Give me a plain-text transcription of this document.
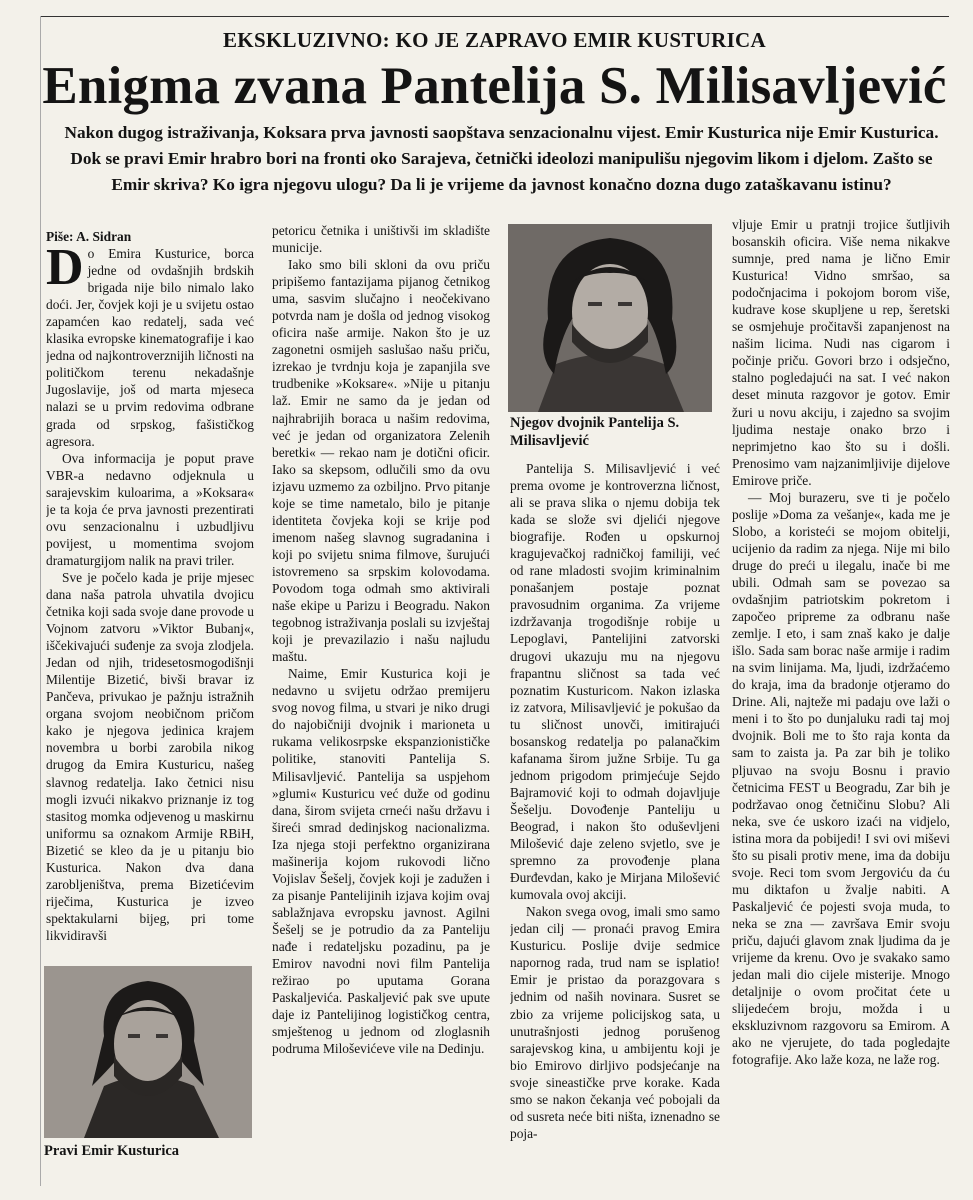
EKSKLUZIVNO: KO JE ZAPRAVO EMIR KUSTURICA
Enigma zvana Pantelija S. Milisavljević
Nakon dugog istraživanja, Koksara prva javnosti saopštava senzacionalnu vijest. Emir Kusturica nije Emir Kusturica. Dok se pravi Emir hrabro bori na fronti oko Sarajeva, četnički ideolozi manipulišu njegovim likom i djelom. Zašto se Emir skriva? Ko igra njegovu ulogu? Da li je vrijeme da javnost konačno dozna dugo zataškavanu istinu?

Piše: A. Sidran

Do Emira Kusturice, borca jedne od ovdašnjih brdskih brigada nije bilo nimalo lako doći. Jer, čovjek koji je u svijetu ostao zapamćen kao redatelj, sada već klasika evropske kinematografije i kao jedna od najkontroverznijih ličnosti na političkom terenu nekadašnje Jugoslavije, još od marta mjeseca nalazi se u prvim redovima odbrane grada od srpskog, fašističkog agresora.

Ova informacija je poput prave VBR-a nedavno odjeknula u sarajevskim kuloarima, a »Koksara« je ta koja će prva javnosti prezentirati ovu senzacionalnu i uzbudljivu povijest, u momentima svojom dramaturgijom nalik na pravi triler.

Sve je počelo kada je prije mjesec dana naša patrola uhvatila dvojicu četnika koji sada svoje dane provode u Vojnom zatvoru »Viktor Bubanj«, iščekivajući suđenje za svoja zlodjela. Jedan od njih, tridesetosmogodišnji Milentije Bizetić, bivši bravar iz Pančeva, privukao je pažnju istražnih organa svojom neobičnom pričom kako je njegova jedinica krajem novembra u borbi zarobila nikog drugog da Emira Kusturicu, našeg slavnog redatelja. Iako četnici nisu mogli izvući nikakvo priznanje iz tog stasitog momka odjevenog u maskirnu uniformu sa oznakom Armije RBiH, Bizetić se kleo da je u pitanju bio Kusturica. Nakon dva dana zarobljeništva, prema Bizetićevim riječima, Kusturica je izveo spektakularni bijeg, pri tome likvidiravši

petoricu četnika i uništivši im skladište municije.

Iako smo bili skloni da ovu priču pripišemo fantazijama pijanog četnikog uma, sasvim slučajno i neočekivano potvrda nam je došla od jednog visokog oficira naše armije. Nakon što je uz zagonetni osmijeh saslušao našu priču, izrekao je tvrdnju koja je zapanjila sve trudbenike »Koksare«. »Nije u pitanju laž. Emir ne samo da je jedan od najhrabrijih boraca u našim redovima, već je jedan od organizatora Zelenih beretki« — rekao nam je dotični oficir. Iako sa skepsom, odlučili smo da ovu izjavu uzmemo za ozbiljno. Prvo pitanje koje se time nametalo, bilo je pitanje identiteta čovjeka koji se krije pod imenom našeg slavnog sugradanina i koji po svijetu snima filmove, šurujući istovremeno sa srpskim kolovodama. Povodom toga odmah smo aktivirali naše ekipe u Parizu i Beogradu. Nakon tegobnog istraživanja poslali su izvještaj koji je prevazilazio i našu najludu maštu.

Naime, Emir Kusturica koji je nedavno u svijetu održao premijeru svog novog filma, u stvari je niko drugi do najobičniji dvojnik i marioneta u rukama velikosrpske ekspanzionističke politike, stanoviti Pantelija S. Milisavljević. Pantelija sa uspjehom »glumi« Kusturicu već duže od godinu dana, širom svijeta crneći našu državu i šireći smrad dedinjskog nacionalizma. Iza njega stoji perfektno organizirana mašinerija kojom rukovodi lično Vojislav Šešelj, čovjek koji je zadužen i za pisanje Pantelijinih izjava kojim ovaj sablažnjava evropsku javnost. Agilni Šešelj se je potrudio da za Panteliju nađe i redateljsku pozadinu, pa je Emirov navodni novi film Pantelija režirao po uputama Gorana Paskaljevića. Paskaljević pak sve upute daje iz Pantelijinog logističkog centra, smještenog u jednom od zloglasnih podruma Miloševićeve vile na Dedinju.

Pantelija S. Milisavljević i već prema ovome je kontroverzna ličnost, ali se prava slika o njemu dobija tek kada se slože svi djelići njegove biografije. Rođen u opskurnoj kragujevačkoj radničkoj familiji, već od rane mladosti svojim kriminalnim ponašanjem postaje poznat pravosudnim organima. Za vrijeme izdržavanja trogodišnje robije u Lepoglavi, Pantelijini zatvorski drugovi ukazuju mu na njegovu frapantnu sličnost sa tada već poznatim Kusturicom. Nakon izlaska iz zatvora, Milisavljević je pokušao da tu sličnost unovči, imitirajući bosanskog redatelja po palanačkim kafanama širom južne Srbije. Tu ga jednom prigodom primjećuje Sejdo Bajramović koji to odmah dojavljuje Šešelju. Dovođenje Panteliju u Beograd, i nakon što oduševljeni Milošević daje zeleno svjetlo, sve je spremno za provođenje plana Đurđevdan, kako je Mirjana Milošević kumovala ovoj akciji.

Nakon svega ovog, imali smo samo jedan cilj — pronaći pravog Emira Kusturicu. Poslije dvije sedmice napornog rada, trud nam se isplatio! Emir je pristao da porazgovara s jednim od naših novinara. Susret se zbio za vrijeme policijskog sata, u unutrašnjosti jednog porušenog sarajevskog kina, u ambijentu koji je bio Emirovo dirljivo podsjećanje na svoje sineastičke prve korake. Kada smo se nakon čekanja već pobojali da od susreta neće biti ništa, iznenadno se poja-

vljuje Emir u pratnji trojice šutljivih bosanskih oficira. Više nema nikakve sumnje, pred nama je lično Emir Kusturica! Vidno smršao, sa podočnjacima i pokojom borom više, kudrave kose skupljene u rep, šeretski se osmjehuje pročitavši zapanjenost na našim licima. Nudi nas cigarom i počinje priču. Govori brzo i odsječno, stalno pogledajući na sat. I već nakon deset minuta razgovor je gotov. Emir žuri u novu akciju, i zajedno sa svojim ljudima nestaje onako brzo i neprimjetno kao što su i došli. Prenosimo vam najzanimljivije dijelove Emirove priče.

— Moj burazeru, sve ti je počelo poslije »Doma za vešanje«, kada me je Slobo, a koristeći se mojom obitelji, ucijenio da radim za njega. Nije mi bilo druge do preći u ilegalu, inače bi me ubili. Odmah sam se povezao sa ovdašnjim patriotskim pokretom i započeo pripreme za odbranu naše zemlje. I eto, i sam znaš kako je dalje išlo. Sada sam borac naše armije i radim na svim linijama. Ma, ljudi, izdržaćemo do kraja, ima da bradonje otjeramo do Drine. Ali, najteže mi padaju ove laži o meni i to što po dunjaluku radi taj moj dvojnik. Boli me to što raja konta da sam to zaista ja. Pa zar bih je toliko pljuvao na svoju Bosnu i pravio četnicima FEST u Beogradu, Zar bih je podržavao onog četničinu Slobu? Ali neka, sve će uskoro izaći na vidjelo, istina mora da pobijedi! I svi ovi miševi što su pisali protiv mene, ima da dobiju svoje. Reci tom svom Jergoviću da ću mu diktafon u žvalje nabiti. A Paskaljević će pojesti svoja muda, to neka se zna — završava Emir svoju priču, dajući glavom znak ljudima da je vrijeme da krenu. Ovo je svakako samo jedan mali dio cijele misterije. Mnogo detaljnije o ovom pročitat ćete u slijedećem broju, možda i u ekskluzivnom razgovoru sa Emirom. A ako ne vjerujete, do tada pogledajte fotografije. Ako laže koza, ne laže rog.

Pravi Emir Kusturica
Njegov dvojnik Pantelija S. Milisavljević
